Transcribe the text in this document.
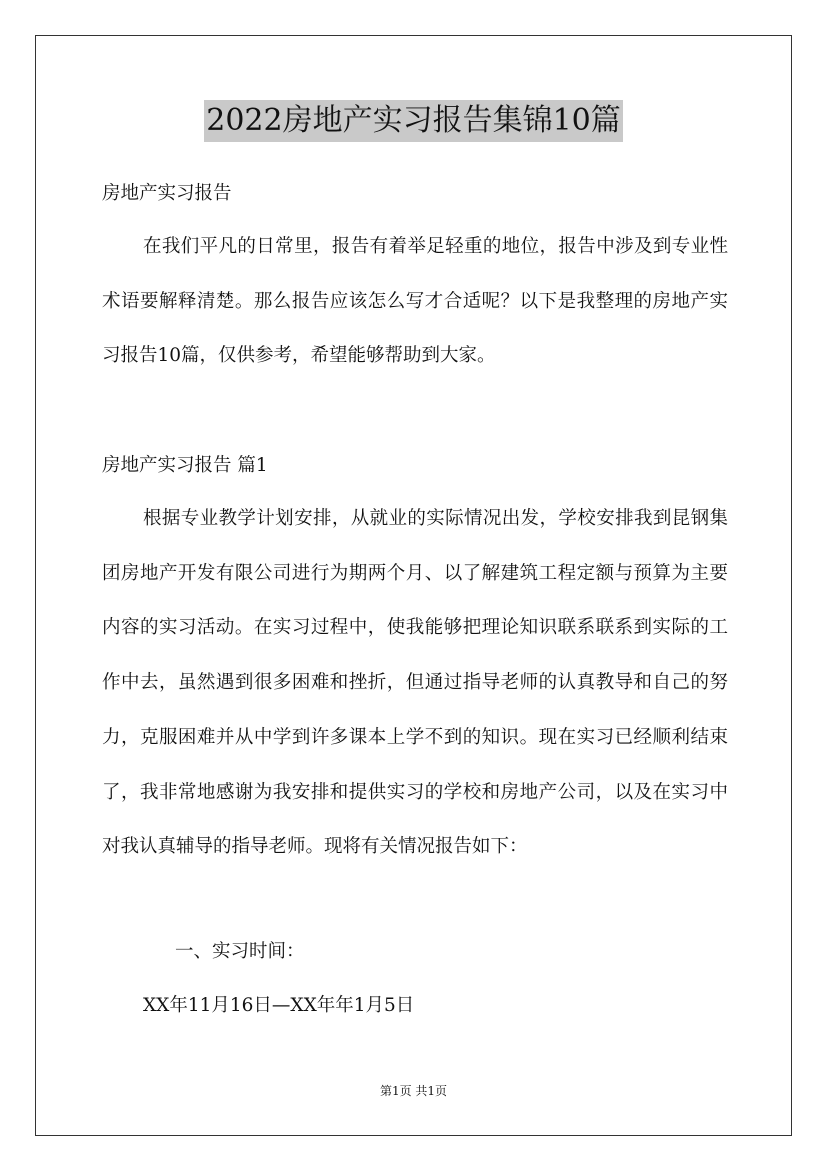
2022房地产实习报告集锦10篇
房地产实习报告
在我们平凡的日常里，报告有着举足轻重的地位，报告中涉及到专业性术语要解释清楚。那么报告应该怎么写才合适呢？以下是我整理的房地产实习报告10篇，仅供参考，希望能够帮助到大家。
房地产实习报告 篇1
根据专业教学计划安排，从就业的实际情况出发，学校安排我到昆钢集团房地产开发有限公司进行为期两个月、以了解建筑工程定额与预算为主要内容的实习活动。在实习过程中，使我能够把理论知识联系联系到实际的工作中去，虽然遇到很多困难和挫折，但通过指导老师的认真教导和自己的努力，克服困难并从中学到许多课本上学不到的知识。现在实习已经顺利结束了，我非常地感谢为我安排和提供实习的学校和房地产公司，以及在实习中对我认真辅导的指导老师。现将有关情况报告如下：
一、实习时间：
XX年11月16日—XX年年1月5日
第1页 共1页
